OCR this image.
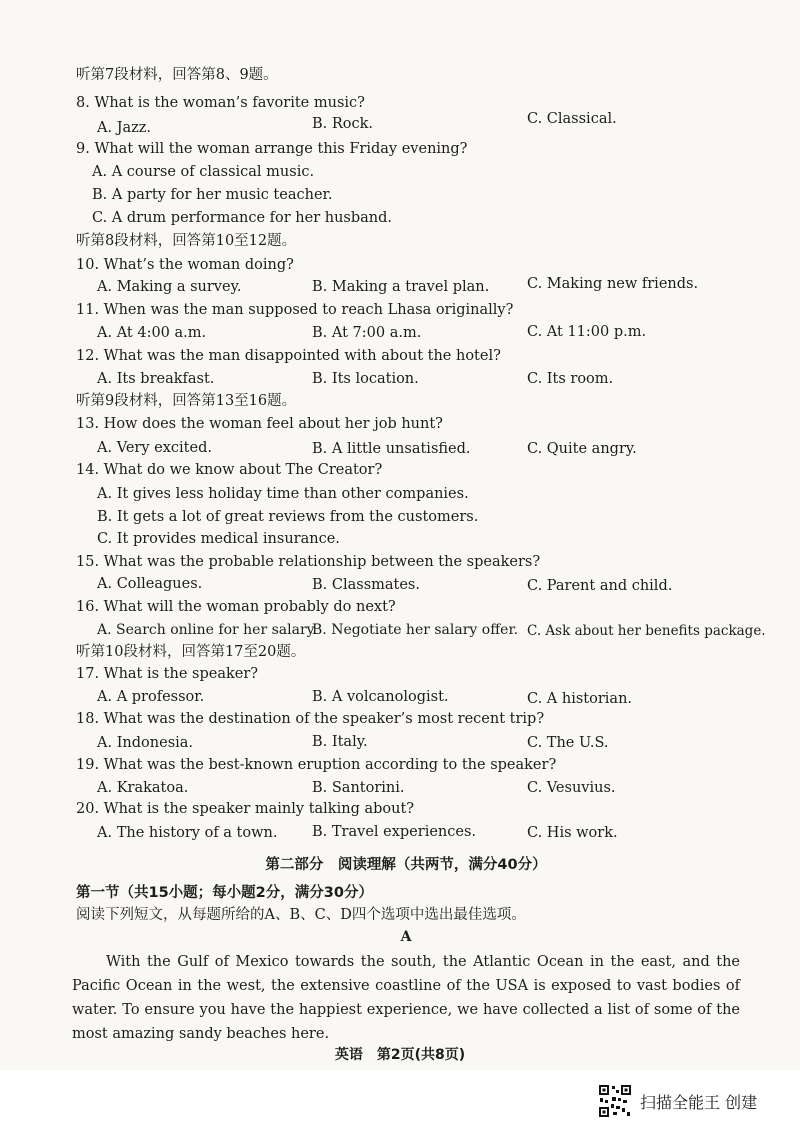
听第7段材料，回答第8、9题。
8. What is the woman’s favorite music?
A. Jazz.	B. Rock.	C. Classical.
9. What will the woman arrange this Friday evening?
A. A course of classical music.
B. A party for her music teacher.
C. A drum performance for her husband.
听第8段材料，回答第10至12题。
10. What’s the woman doing?
A. Making a survey.	B. Making a travel plan.	C. Making new friends.
11. When was the man supposed to reach Lhasa originally?
A. At 4:00 a.m.	B. At 7:00 a.m.	C. At 11:00 p.m.
12. What was the man disappointed with about the hotel?
A. Its breakfast.	B. Its location.	C. Its room.
听第9段材料，回答第13至16题。
13. How does the woman feel about her job hunt?
A. Very excited.	B. A little unsatisfied.	C. Quite angry.
14. What do we know about The Creator?
A. It gives less holiday time than other companies.
B. It gets a lot of great reviews from the customers.
C. It provides medical insurance.
15. What was the probable relationship between the speakers?
A. Colleagues.	B. Classmates.	C. Parent and child.
16. What will the woman probably do next?
A. Search online for her salary.
B. Negotiate her salary offer. C. Ask about her benefits package.
听第10段材料，回答第17至20题。
17. What is the speaker?
A. A professor.	B. A volcanologist.	C. A historian.
18. What was the destination of the speaker’s most recent trip?
A. Indonesia.	B. Italy.	C. The U.S.
19. What was the best-known eruption according to the speaker?
A. Krakatoa.	B. Santorini.	C. Vesuvius.
20. What is the speaker mainly talking about?
A. The history of a town. B. Travel experiences.	C. His work.
第二部分　阅读理解（共两节，满分40分）
第一节（共15小题；每小题2分，满分30分）
阅读下列短文，从每题所给的A、B、C、D四个选项中选出最佳选项。
A
With the Gulf of Mexico towards the south, the Atlantic Ocean in the east, and the Pacific Ocean in the west, the extensive coastline of the USA is exposed to vast bodies of water. To ensure you have the happiest experience, we have collected a list of some of the most amazing sandy beaches here.
英语　第2页(共8页)
扫描全能王 创建
